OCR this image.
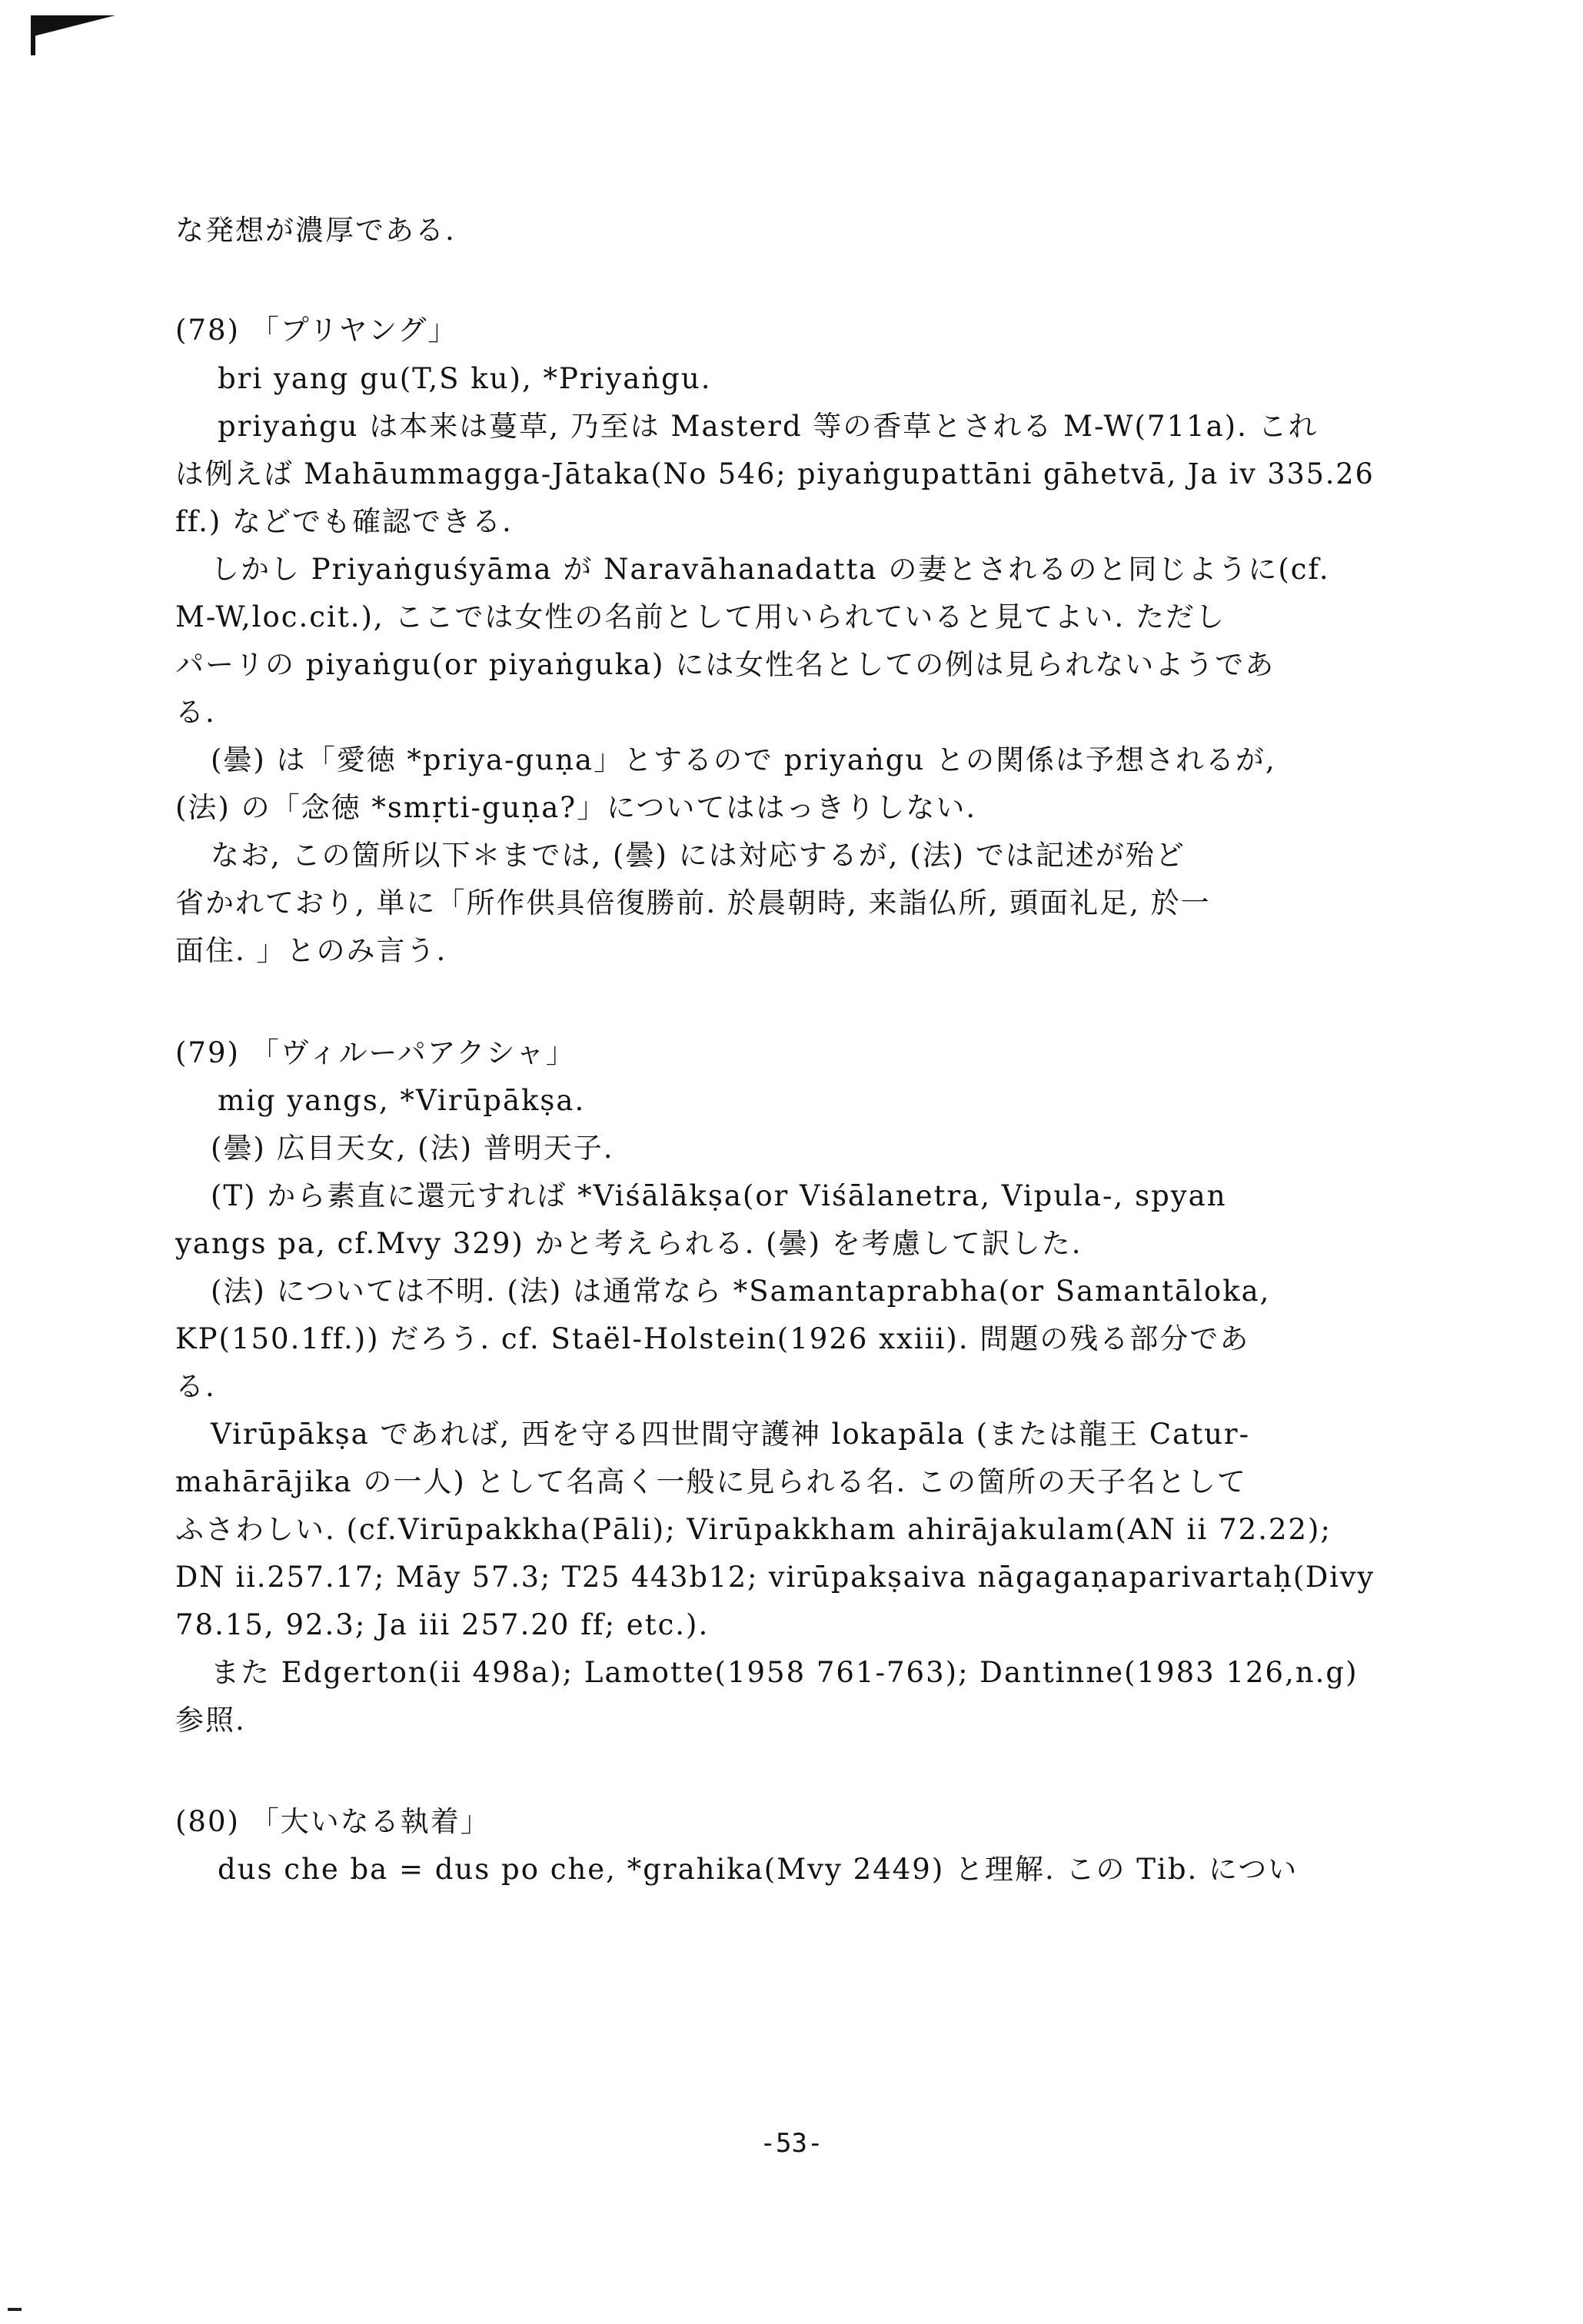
な発想が濃厚である.
(78) 「プリヤング」
bri yang gu(T,S ku), *Priyaṅgu.
priyaṅgu は本来は蔓草, 乃至は Masterd 等の香草とされる M-W(711a). これ
は例えば Mahāummagga-Jātaka(No 546; piyaṅgupattāni gāhetvā, Ja iv 335.26
ff.) などでも確認できる.
しかし Priyaṅguśyāma が Naravāhanadatta の妻とされるのと同じように(cf.
M-W,loc.cit.), ここでは女性の名前として用いられていると見てよい. ただし
パーリの piyaṅgu(or piyaṅguka) には女性名としての例は見られないようであ
る.
(曇) は「愛徳 *priya-guṇa」とするので priyaṅgu との関係は予想されるが,
(法) の「念徳 *smṛti-guṇa?」についてははっきりしない.
なお, この箇所以下＊までは, (曇) には対応するが, (法) では記述が殆ど
省かれており, 単に「所作供具倍復勝前. 於晨朝時, 来詣仏所, 頭面礼足, 於一
面住. 」とのみ言う.
(79) 「ヴィルーパアクシャ」
mig yangs, *Virūpākṣa.
(曇) 広目天女, (法) 普明天子.
(T) から素直に還元すれば *Viśālākṣa(or Viśālanetra, Vipula-, spyan
yangs pa, cf.Mvy 329) かと考えられる. (曇) を考慮して訳した.
(法) については不明. (法) は通常なら *Samantaprabha(or Samantāloka,
KP(150.1ff.)) だろう. cf. Staël-Holstein(1926 xxiii). 問題の残る部分であ
る.
Virūpākṣa であれば, 西を守る四世間守護神 lokapāla (または龍王 Catur-
mahārājika の一人) として名高く一般に見られる名. この箇所の天子名として
ふさわしい. (cf.Virūpakkha(Pāli); Virūpakkham ahirājakulam(AN ii 72.22);
DN ii.257.17; Māy 57.3; T25 443b12; virūpakṣaiva nāgagaṇaparivartaḥ(Divy
78.15, 92.3; Ja iii 257.20 ff; etc.).
また Edgerton(ii 498a); Lamotte(1958 761-763); Dantinne(1983 126,n.g)
参照.
(80) 「大いなる執着」
dus che ba = dus po che, *grahika(Mvy 2449) と理解. この Tib. につい
-53-
